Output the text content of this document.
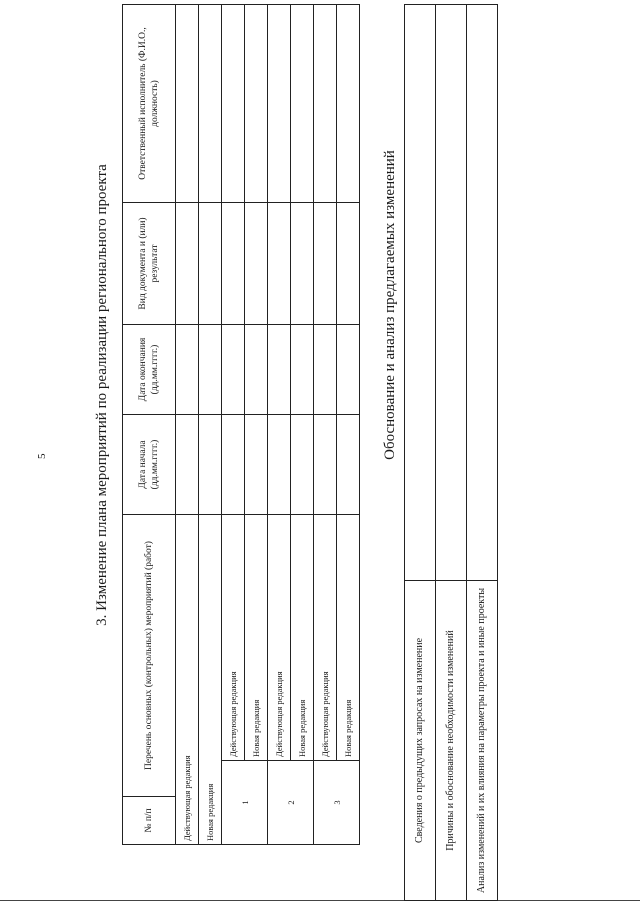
5	3. Изменение плана мероприятий по реализации регионального проекта
№ п/п	Перечень основных (контрольных) мероприятий (работ)		Дата начала (дд.мм.гггг.)	Дата окончания (дд.мм.гггг.)	Вид документа и (или) результат	Ответственный исполнитель (Ф.И.О., должность)
Действующая редакция						
Новая редакция						
1		Действующая редакция				
		Новая редакция				
2		Действующая редакция				
		Новая редакция				
3		Действующая редакция				
		Новая редакция				
Обоснование и анализ предлагаемых изменений
Сведения о предыдущих запросах на изменение	
Причины и обоснование необходимости изменений	
Анализ изменений и их влияния на параметры проекта и иные проекты	
